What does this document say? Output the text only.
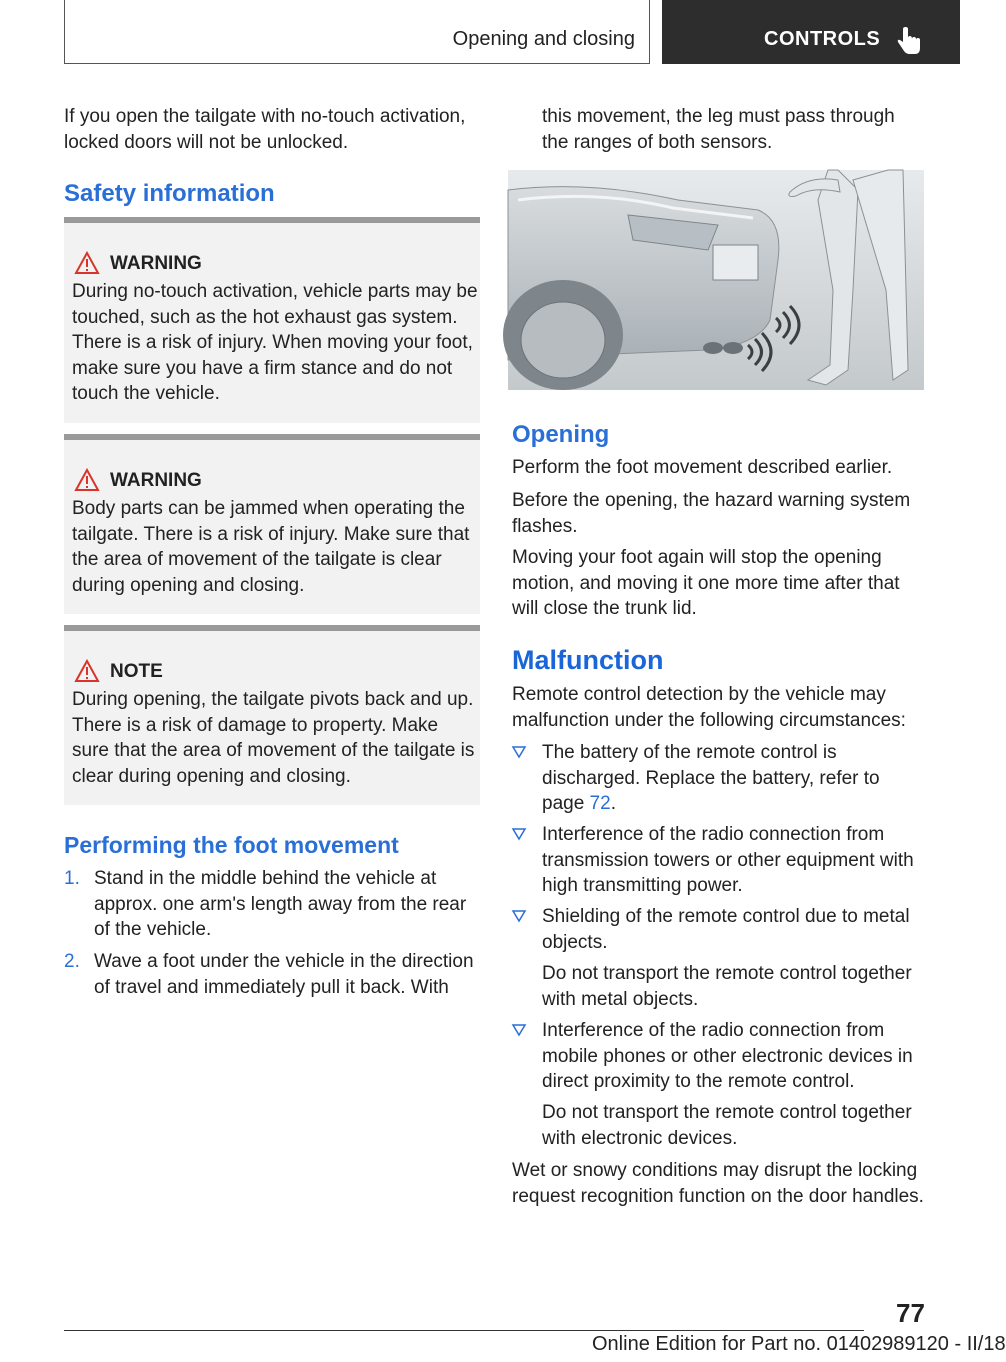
Opening and closing	CONTROLS

If you open the tailgate with no-touch activation, locked doors will not be unlocked.

Safety information
WARNING

During no-touch activation, vehicle parts may be touched, such as the hot exhaust gas system. There is a risk of injury. When moving your foot, make sure you have a firm stance and do not touch the vehicle.

WARNING

Body parts can be jammed when operating the tailgate. There is a risk of injury. Make sure that the area of movement of the tailgate is clear during opening and closing.

NOTE

During opening, the tailgate pivots back and up. There is a risk of damage to property. Make sure that the area of movement of the tailgate is clear during opening and closing.

Performing the foot movement
1. Stand in the middle behind the vehicle at approx. one arm's length away from the rear of the vehicle.

2. Wave a foot under the vehicle in the direction of travel and immediately pull it back. With

this movement, the leg must pass through the ranges of both sensors.

Opening

Perform the foot movement described earlier.

Before the opening, the hazard warning system flashes.

Moving your foot again will stop the opening motion, and moving it one more time after that will close the trunk lid.

Malfunction

Remote control detection by the vehicle may malfunction under the following circumstances:

The battery of the remote control is discharged. Replace the battery, refer to page 72.

Interference of the radio connection from transmission towers or other equipment with high transmitting power.

Shielding of the remote control due to metal objects.

Do not transport the remote control together with metal objects.

Interference of the radio connection from mobile phones or other electronic devices in direct proximity to the remote control.

Do not transport the remote control together with electronic devices.

Wet or snowy conditions may disrupt the locking request recognition function on the door handles.

77
Online Edition for Part no. 01402989120 - II/18
